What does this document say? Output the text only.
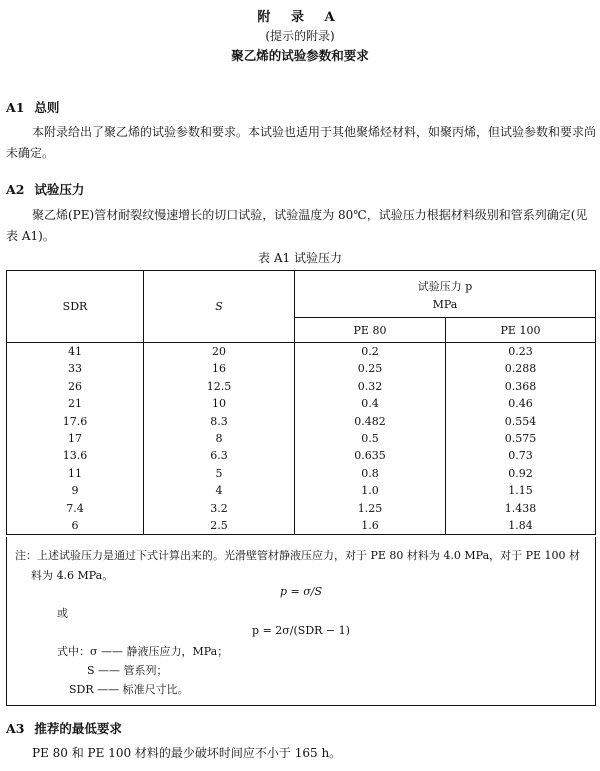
附 录 A
(提示的附录)
聚乙烯的试验参数和要求
A1 总则
本附录给出了聚乙烯的试验参数和要求。本试验也适用于其他聚烯烃材料，如聚丙烯，但试验参数和要求尚未确定。
A2 试验压力
聚乙烯(PE)管材耐裂纹慢速增长的切口试验，试验温度为 80℃，试验压力根据材料级别和管系列确定(见表 A1)。
表 A1 试验压力
SDR	S	试验压力 p
MPa	

		PE 80	PE 100
41	20	0.2	0.23
33	16	0.25	0.288
26	12.5	0.32	0.368
21	10	0.4	0.46
17.6	8.3	0.482	0.554
17	8	0.5	0.575
13.6	6.3	0.635	0.73
11	5	0.8	0.92
9	4	1.0	1.15
7.4	3.2	1.25	1.438
6	2.5	1.6	1.84
注：上述试验压力是通过下式计算出来的。光滑壁管材静液压应力，对于 PE 80 材料为 4.0 MPa，对于 PE 100 材
料为 4.6 MPa。
p = σ/S
或
p = 2σ/(SDR − 1)
式中：σ —— 静液压应力，MPa；
S —— 管系列；
SDR —— 标准尺寸比。
A3 推荐的最低要求
PE 80 和 PE 100 材料的最少破坏时间应不小于 165 h。
